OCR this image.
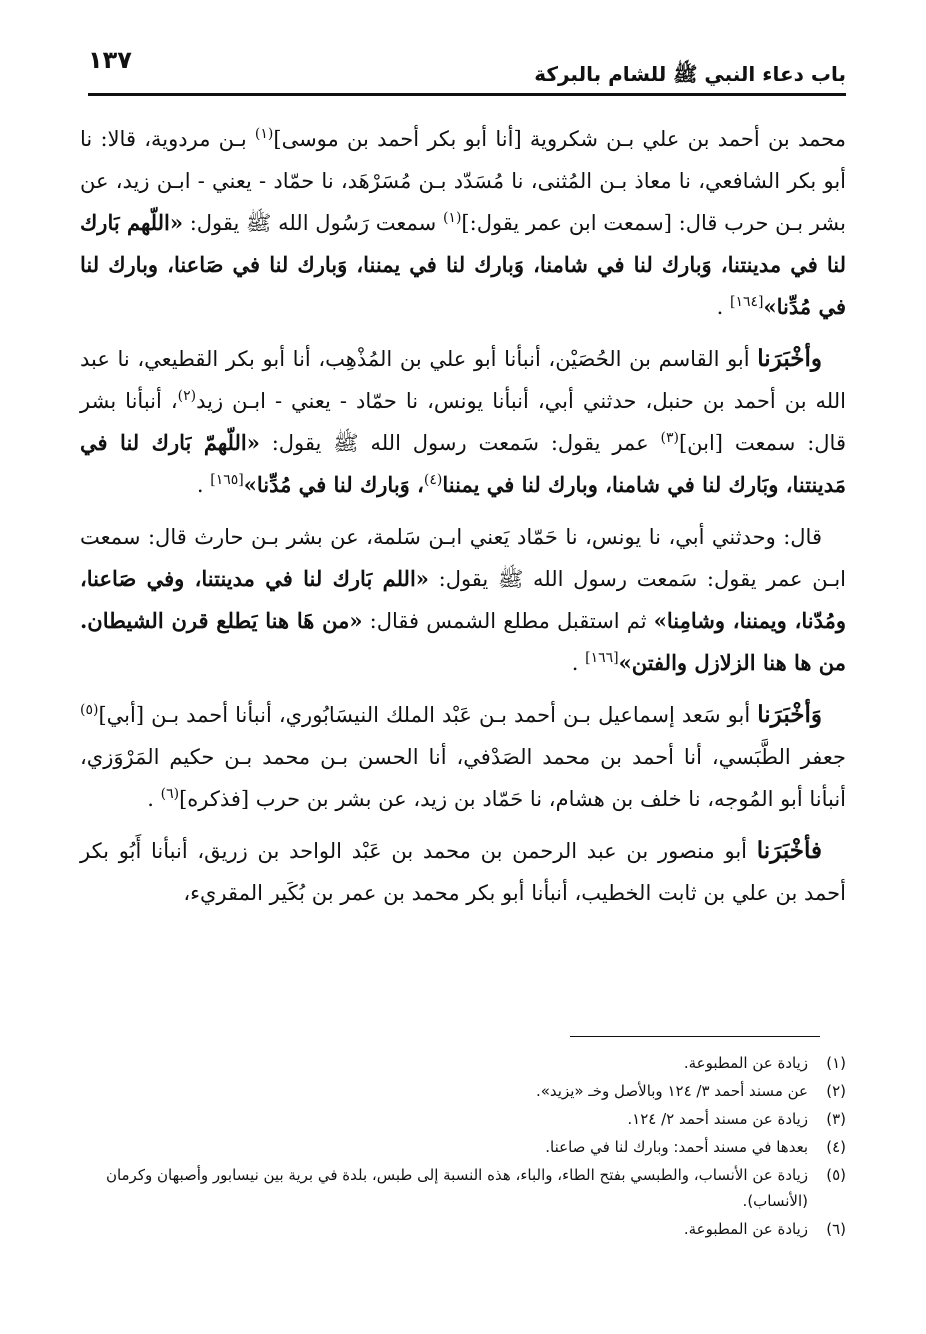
١٣٧	باب دعاء النبي ﷺ للشام بالبركة

محمد بن أحمد بن علي بـن شكروية [أنا أبو بكر أحمد بن موسى]$^{(١)}$ بـن مردوية، قالا: نا أبو بكر الشافعي، نا معاذ بـن المُثنى، نا مُسَدّد بـن مُسَرْهَد، نا حمّاد - يعني - ابـن زيد، عن بشر بـن حرب قال: [سمعت ابن عمر يقول:]$^{(١)}$ سمعت رَسُول الله ﷺ يقول: «اللّهم بَارك لنا في مدينتنا، وَبارك لنا في شامنا، وَبارك لنا في يمننا، وَبارك لنا في صَاعنا، وبارك لنا في مُدِّنا»[١٦٤] .

وأخْبَرَنا أبو القاسم بن الحُصَيْن، أنبأنا أبو علي بن المُذْهِب، أنا أبو بكر القطيعي، نا عبد الله بن أحمد بن حنبل، حدثني أبي، أنبأنا يونس، نا حمّاد - يعني - ابـن زيد$^{(٢)}$، أنبأنا بشر قال: سمعت [ابن]$^{(٣)}$ عمر يقول: سَمعت رسول الله ﷺ يقول: «اللّهمّ بَارك لنا في مَدينتنا، وبَارك لنا في شامنا، وبارك لنا في يمننا$^{(٤)}$، وَبارك لنا في مُدِّنا»[١٦٥] .

قال: وحدثني أبي، نا يونس، نا حَمّاد يَعني ابـن سَلمة، عن بشر بـن حارث قال: سمعت ابـن عمر يقول: سَمعت رسول الله ﷺ يقول: «اللم بَارك لنا في مدينتنا، وفي صَاعنا، ومُدّنا، ويمننا، وشامِنا» ثم استقبل مطلع الشمس فقال: «من هَا هنا يَطلع قرن الشيطان. من ها هنا الزلازل والفتن»[١٦٦] .

وَأخْبَرَنا أبو سَعد إسماعيل بـن أحمد بـن عَبْد الملك النيسَابُوري، أنبأنا أحمد بـن [أبي]$^{(٥)}$ جعفر الطَّبَسي، أنا أحمد بن محمد الصَدْفي، أنا الحسن بـن محمد بـن حكيم المَرْوَزي، أنبأنا أبو المُوجه، نا خلف بن هشام، نا حَمّاد بن زيد، عن بشر بن حرب [فذكره]$^{(٦)}$ .

فأخْبَرَنا أبو منصور بن عبد الرحمن بن محمد بن عَبْد الواحد بن زريق، أنبأنا أَبُو بكر أحمد بن علي بن ثابت الخطيب، أنبأنا أبو بكر محمد بن عمر بن بُكَير المقريء،

(١)
زيادة عن المطبوعة.
(٢)
عن مسند أحمد ٣/ ١٢٤ وبالأصل وخـ «يزيد».
(٣)
زيادة عن مسند أحمد ٢/ ١٢٤.
(٤)
بعدها في مسند أحمد: وبارك لنا في صاعنا.
(٥)
زيادة عن الأنساب، والطبسي بفتح الطاء، والباء، هذه النسبة إلى طبس، بلدة في برية بين نيسابور وأصبهان وكرمان (الأنساب).
(٦)
زيادة عن المطبوعة.
